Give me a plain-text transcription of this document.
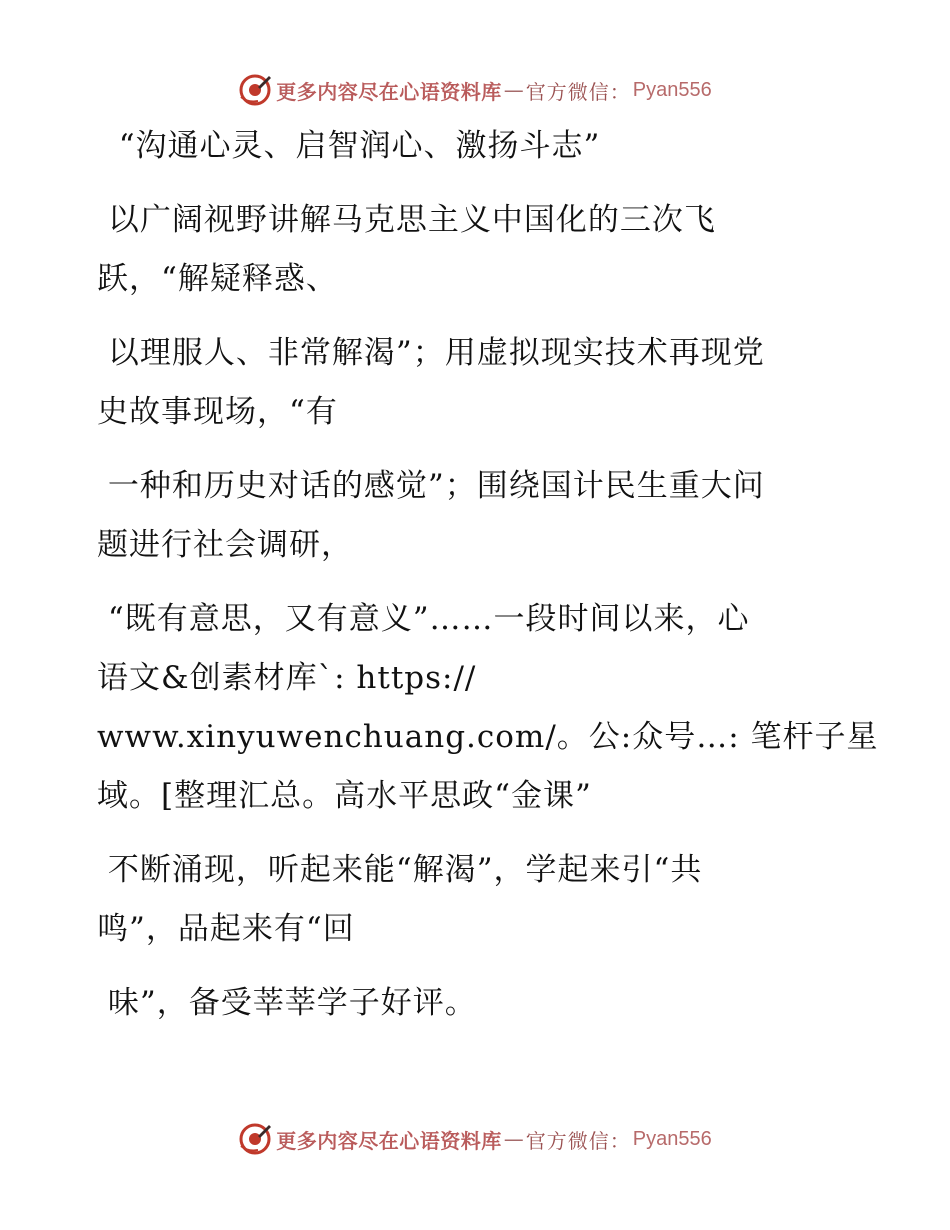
更多内容尽在心语资料库 — 官方微信： Pyan556
“沟通心灵、启智润心、激扬斗志”
以广阔视野讲解马克思主义中国化的三次飞
跃，“解疑释惑、
以理服人、非常解渴”；用虚拟现实技术再现党
史故事现场，“有
一种和历史对话的感觉”；围绕国计民生重大问
题进行社会调研，
“既有意思，又有意义”……一段时间以来，心
语文&创素材库`: https://
www.xinyuwenchuang.com/。公:众号…: 笔杆子星
域。[整理汇总。高水平思政“金课”
不断涌现，听起来能“解渴”，学起来引“共
鸣”，品起来有“回
味”，备受莘莘学子好评。
更多内容尽在心语资料库 — 官方微信： Pyan556
